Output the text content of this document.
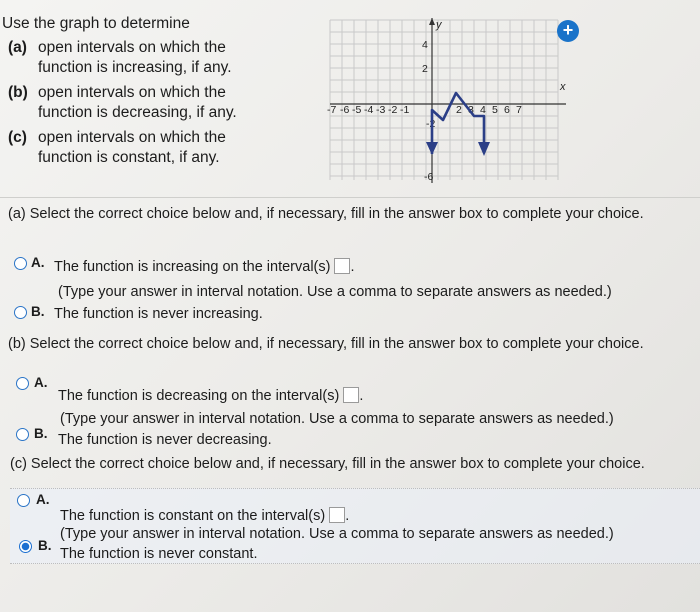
Use the graph to determine
(a) open intervals on which the
function is increasing, if any.
(b) open intervals on which the
function is decreasing, if any.
(c) open intervals on which the
function is constant, if any.
y
x
-7 -6 -5 -4 -3 -2 -1	2 3 4 5 6 7
4
2
-2
-6
+
(a) Select the correct choice below and, if necessary, fill in the answer box to complete your choice.
A. The function is increasing on the interval(s) .
(Type your answer in interval notation. Use a comma to separate answers as needed.)
B. The function is never increasing.
(b) Select the correct choice below and, if necessary, fill in the answer box to complete your choice.
A.
The function is decreasing on the interval(s) .
(Type your answer in interval notation. Use a comma to separate answers as needed.)
B. The function is never decreasing.
(c) Select the correct choice below and, if necessary, fill in the answer box to complete your choice.
A.
The function is constant on the interval(s) .
(Type your answer in interval notation. Use a comma to separate answers as needed.)
B.
The function is never constant.
